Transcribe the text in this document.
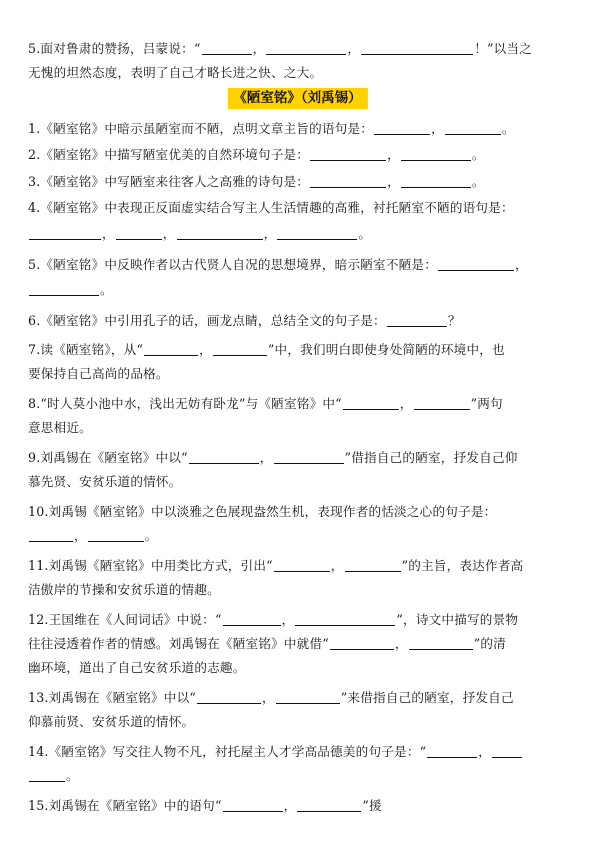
5.面对鲁肃的赞扬，吕蒙说：“	，	，	！”以当之
无愧的坦然态度，表明了自己才略长进之快、之大。
《陋室铭》（刘禹锡）
1.《陋室铭》中暗示虽陋室而不陋，点明文章主旨的语句是：	，	。
2.《陋室铭》中描写陋室优美的自然环境句子是：	，	。
3.《陋室铭》中写陋室来往客人之高雅的诗句是：	，	。
4.《陋室铭》中表现正反面虚实结合写主人生活情趣的高雅，衬托陋室不陋的语句是：
，	，	，	。
5.《陋室铭》中反映作者以古代贤人自况的思想境界，暗示陋室不陋是：	，
。
6.《陋室铭》中引用孔子的话，画龙点睛，总结全文的句子是：	？
7.读《陋室铭》，从“	，	”中，我们明白即使身处简陋的环境中，也
要保持自己高尚的品格。
8.“时人莫小池中水，浅出无妨有卧龙”与《陋室铭》中“	，	”两句
意思相近。
9.刘禹锡在《陋室铭》中以“	，	”借指自己的陋室，抒发自己仰
慕先贤、安贫乐道的情怀。
10.刘禹锡《陋室铭》中以淡雅之色展现盎然生机，表现作者的恬淡之心的句子是：
，	。
11.刘禹锡《陋室铭》中用类比方式，引出“	，	”的主旨，表达作者高
洁傲岸的节操和安贫乐道的情趣。
12.王国维在《人间词话》中说：“	，	”，诗文中描写的景物
往往浸透着作者的情感。刘禹锡在《陋室铭》中就借“	，	”的清
幽环境，道出了自己安贫乐道的志趣。
13.刘禹锡在《陋室铭》中以“	，	”来借指自己的陋室，抒发自己
仰慕前贤、安贫乐道的情怀。
14.《陋室铭》写交往人物不凡，衬托屋主人才学高品德美的句子是：“	，
。
15.刘禹锡在《陋室铭》中的语句“	，	”援
